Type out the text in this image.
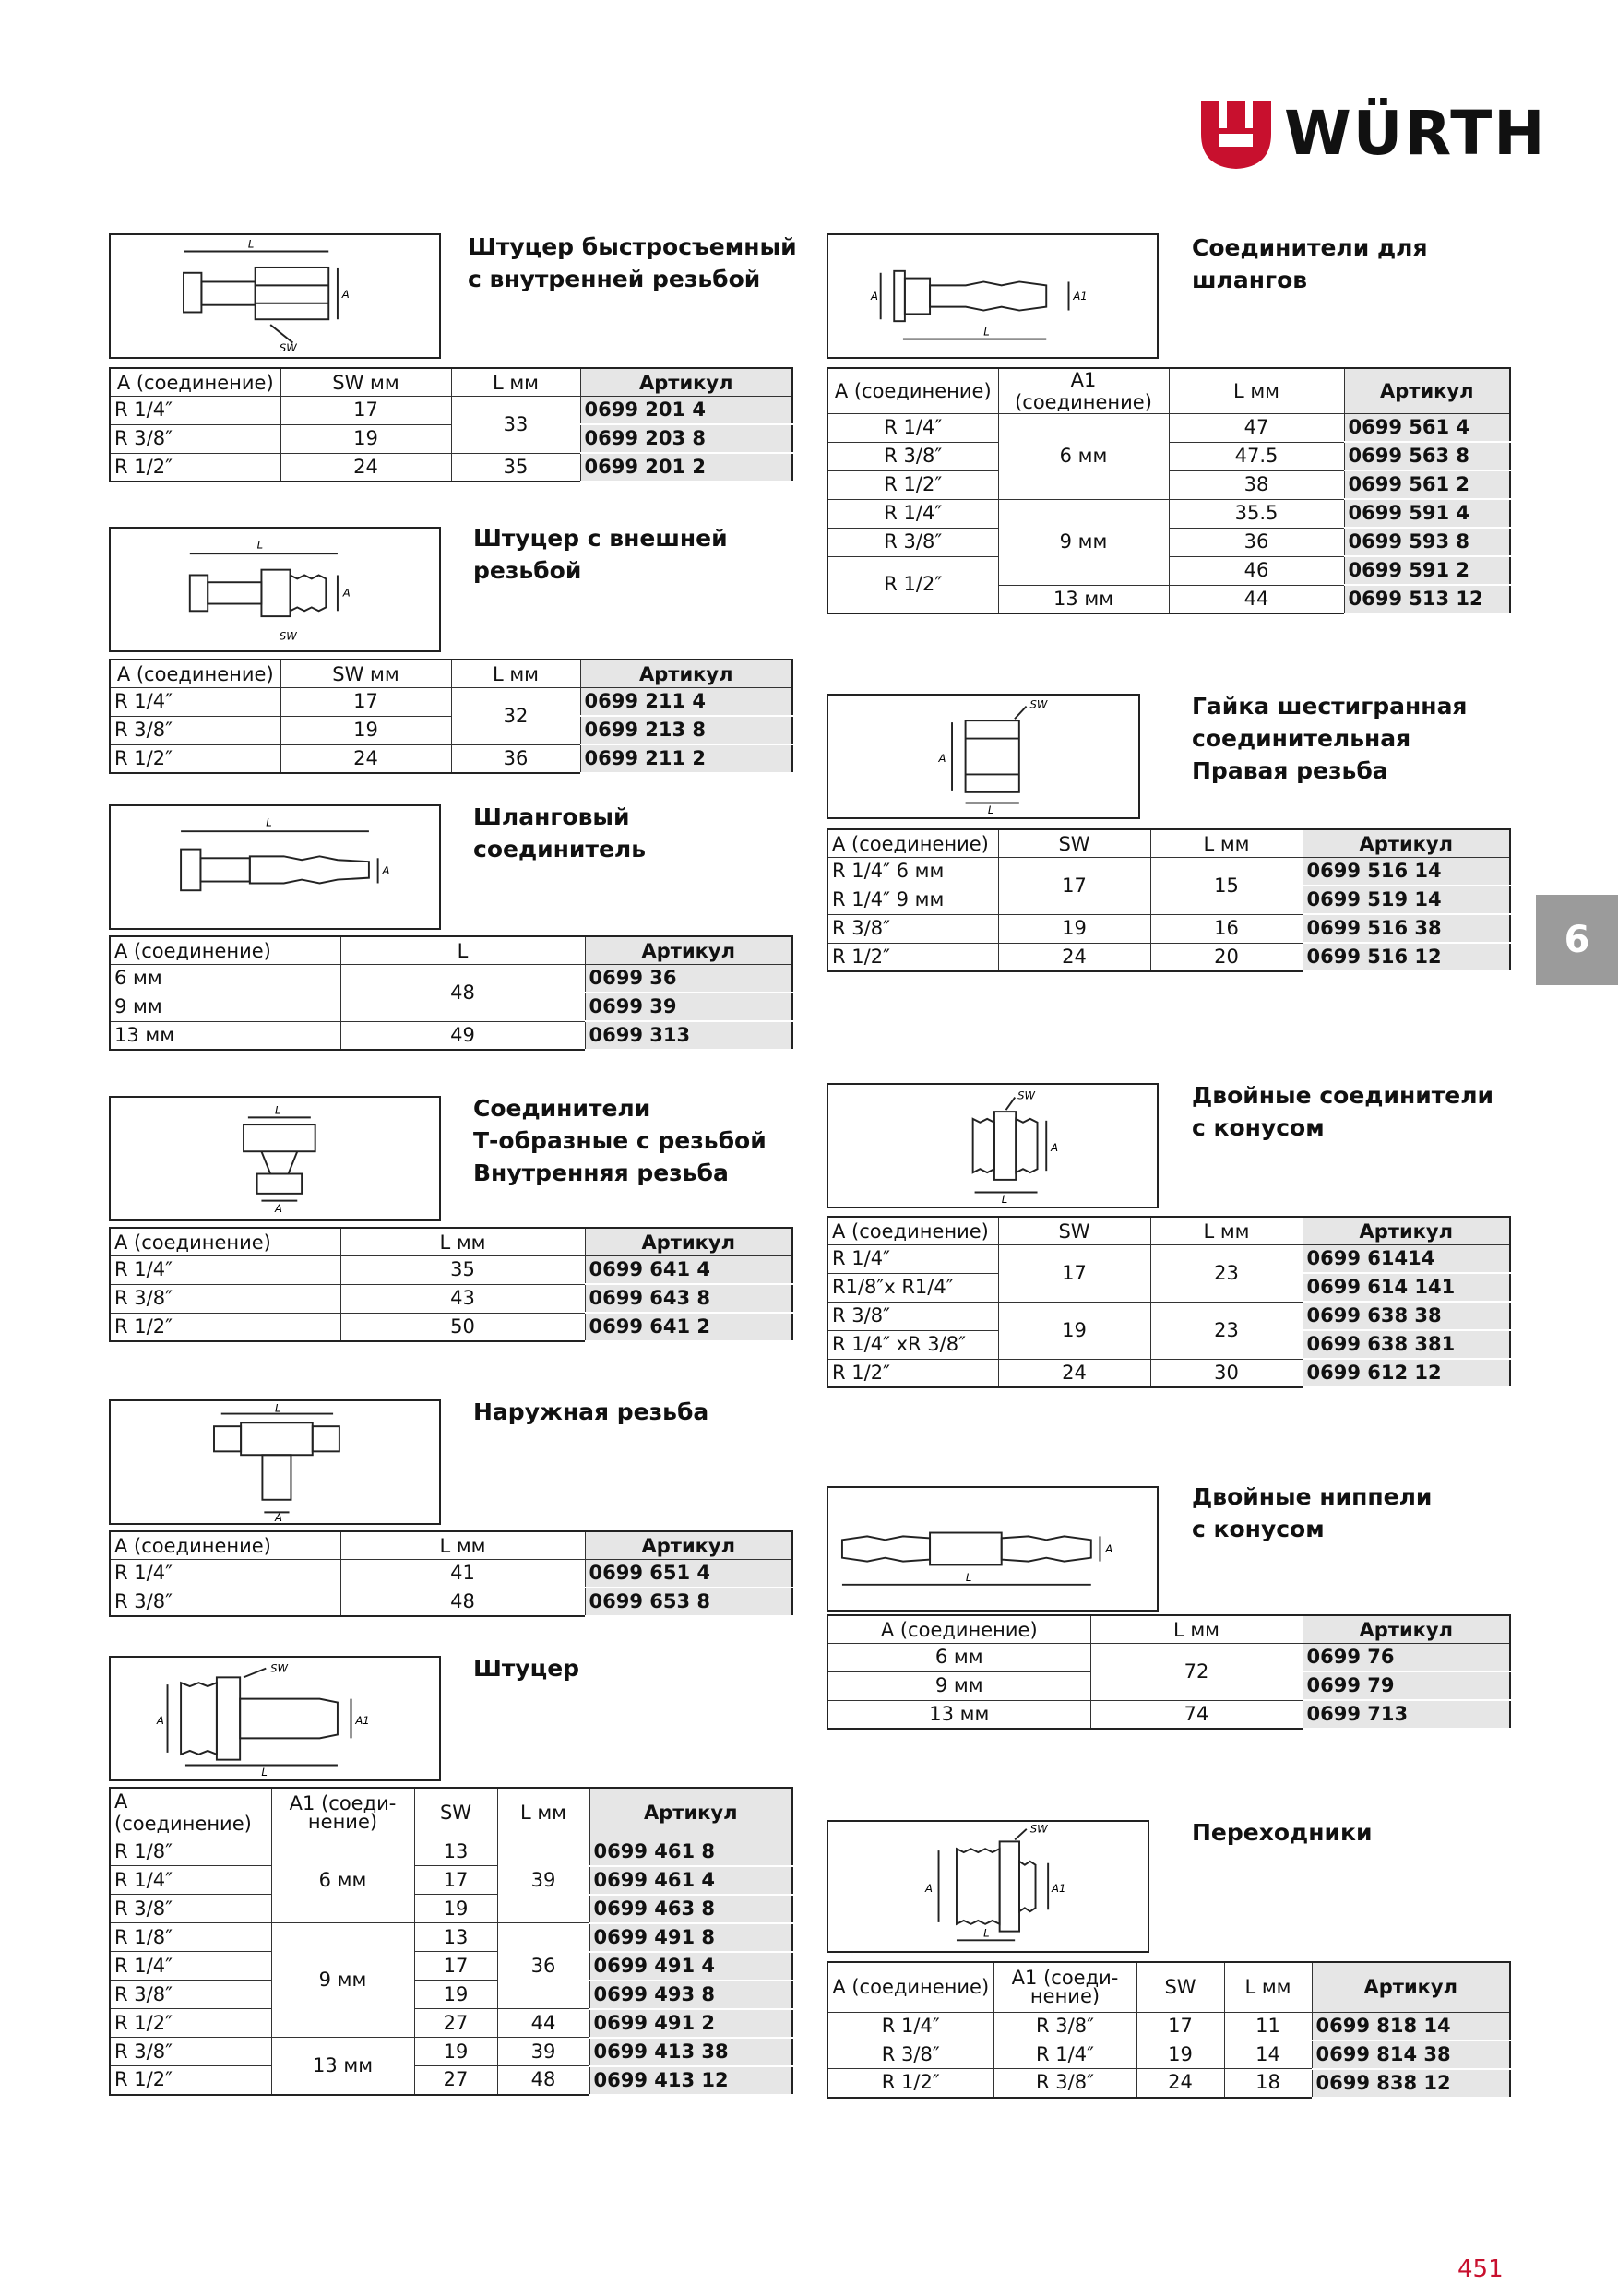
WÜRTH
L
A
SW
Штуцер быстросъемный
с внутренней резьбой
A (соединение)	SW мм	L мм	Артикул
R 1/4″	17	33	0699 201 4
R 3/8″	19		0699 203 8
R 1/2″	24	35	0699 201 2
L
A
SW
Штуцер с внешней
резьбой
A (соединение)	SW мм	L мм	Артикул
R 1/4″	17	32	0699 211 4
R 3/8″	19		0699 213 8
R 1/2″	24	36	0699 211 2
L
A
Шланговый
соединитель
A (соединение)	L	Артикул
6 мм	48	0699 36
9 мм		0699 39
13 мм	49	0699 313
L
A
Соединители
Т-образные с резьбой
Внутренняя резьба
A (соединение)	L мм	Артикул
R 1/4″	35	0699 641 4
R 3/8″	43	0699 643 8
R 1/2″	50	0699 641 2
L
A
Наружная резьба
A (соединение)	L мм	Артикул
R 1/4″	41	0699 651 4
R 3/8″	48	0699 653 8
A	A1
SW
L
Штуцер
A (соединение)	A1 (соеди-нение)	SW	L мм	Артикул
R 1/8″	6 мм	13	39	0699 461 8
R 1/4″		17		0699 461 4
R 3/8″		19		0699 463 8
R 1/8″	9 мм	13	36	0699 491 8
R 1/4″		17		0699 491 4
R 3/8″		19		0699 493 8
R 1/2″		27	44	0699 491 2
R 3/8″	13 мм	19	39	0699 413 38
R 1/2″		27	48	0699 413 12
A	A1
L
Соединители для
шлангов
A (соединение)	A1 (соединение)	L мм	Артикул
R 1/4″	6 мм	47	0699 561 4
R 3/8″		47.5	0699 563 8
R 1/2″		38	0699 561 2
R 1/4″	9 мм	35.5	0699 591 4
R 3/8″		36	0699 593 8
R 1/2″		46	0699 591 2
	13 мм	44	0699 513 12
A
SW
L
Гайка шестигранная
соединительная
Правая резьба
A (соединение)	SW	L мм	Артикул
R 1/4″ 6 мм	17	15	0699 516 14
R 1/4″ 9 мм			0699 519 14
R 3/8″	19	16	0699 516 38
R 1/2″	24	20	0699 516 12
A
SW
L
Двойные соединители
с конусом
A (соединение)	SW	L мм	Артикул
R 1/4″	17	23	0699 61414
R1/8″x R1/4″			0699 614 141
R 3/8″	19	23	0699 638 38
R 1/4″ xR 3/8″			0699 638 381
R 1/2″	24	30	0699 612 12
A
L
Двойные ниппели
с конусом
A (соединение)	L мм	Артикул
6 мм	72	0699 76
9 мм		0699 79
13 мм	74	0699 713
A	A1
SW
L
Переходники
A (соединение)	A1 (соеди-нение)	SW	L мм	Артикул
R 1/4″	R 3/8″	17	11	0699 818 14
R 3/8″	R 1/4″	19	14	0699 814 38
R 1/2″	R 3/8″	24	18	0699 838 12
6
451
